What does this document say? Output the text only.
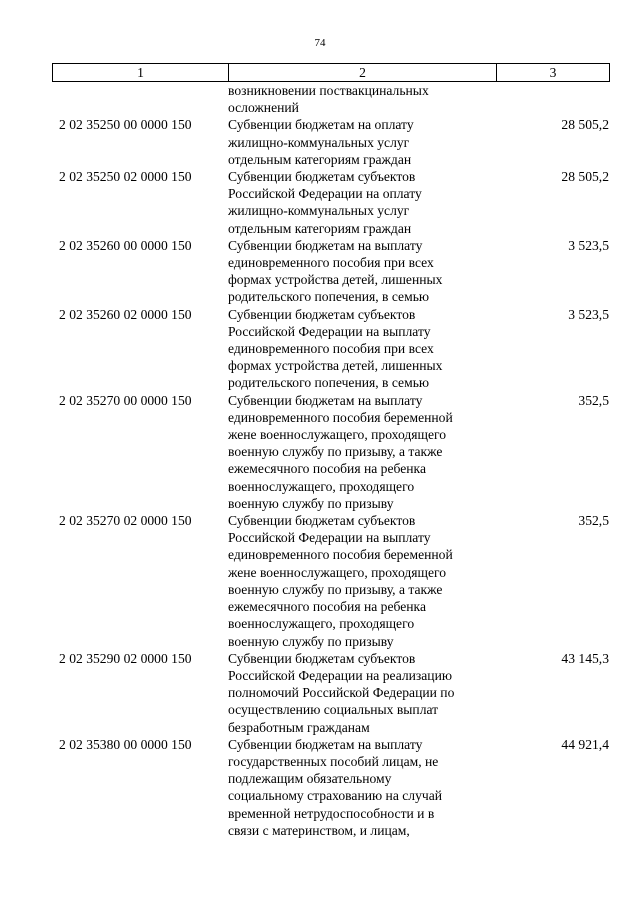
74
1	2	3
возникновении поствакцинальных
осложнений
2 02 35250 00 0000 150	Субвенции бюджетам на оплату
жилищно-коммунальных услуг
отдельным категориям граждан
28 505,2
2 02 35250 02 0000 150	Субвенции бюджетам субъектов
Российской Федерации на оплату
жилищно-коммунальных услуг
отдельным категориям граждан
28 505,2
2 02 35260 00 0000 150	Субвенции бюджетам на выплату
единовременного пособия при всех
формах устройства детей, лишенных
родительского попечения, в семью
3 523,5
2 02 35260 02 0000 150	Субвенции бюджетам субъектов
Российской Федерации на выплату
единовременного пособия при всех
формах устройства детей, лишенных
родительского попечения, в семью
3 523,5
2 02 35270 00 0000 150	Субвенции бюджетам на выплату
единовременного пособия беременной
жене военнослужащего, проходящего
военную службу по призыву, а также
ежемесячного пособия на ребенка
военнослужащего, проходящего
военную службу по призыву
352,5
2 02 35270 02 0000 150	Субвенции бюджетам субъектов
Российской Федерации на выплату
единовременного пособия беременной
жене военнослужащего, проходящего
военную службу по призыву, а также
ежемесячного пособия на ребенка
военнослужащего, проходящего
военную службу по призыву
352,5
2 02 35290 02 0000 150	Субвенции бюджетам субъектов
Российской Федерации на реализацию
полномочий Российской Федерации по
осуществлению социальных выплат
безработным гражданам
43 145,3
2 02 35380 00 0000 150	Субвенции бюджетам на выплату
государственных пособий лицам, не
подлежащим обязательному
социальному страхованию на случай
временной нетрудоспособности и в
связи с материнством, и лицам,
44 921,4
